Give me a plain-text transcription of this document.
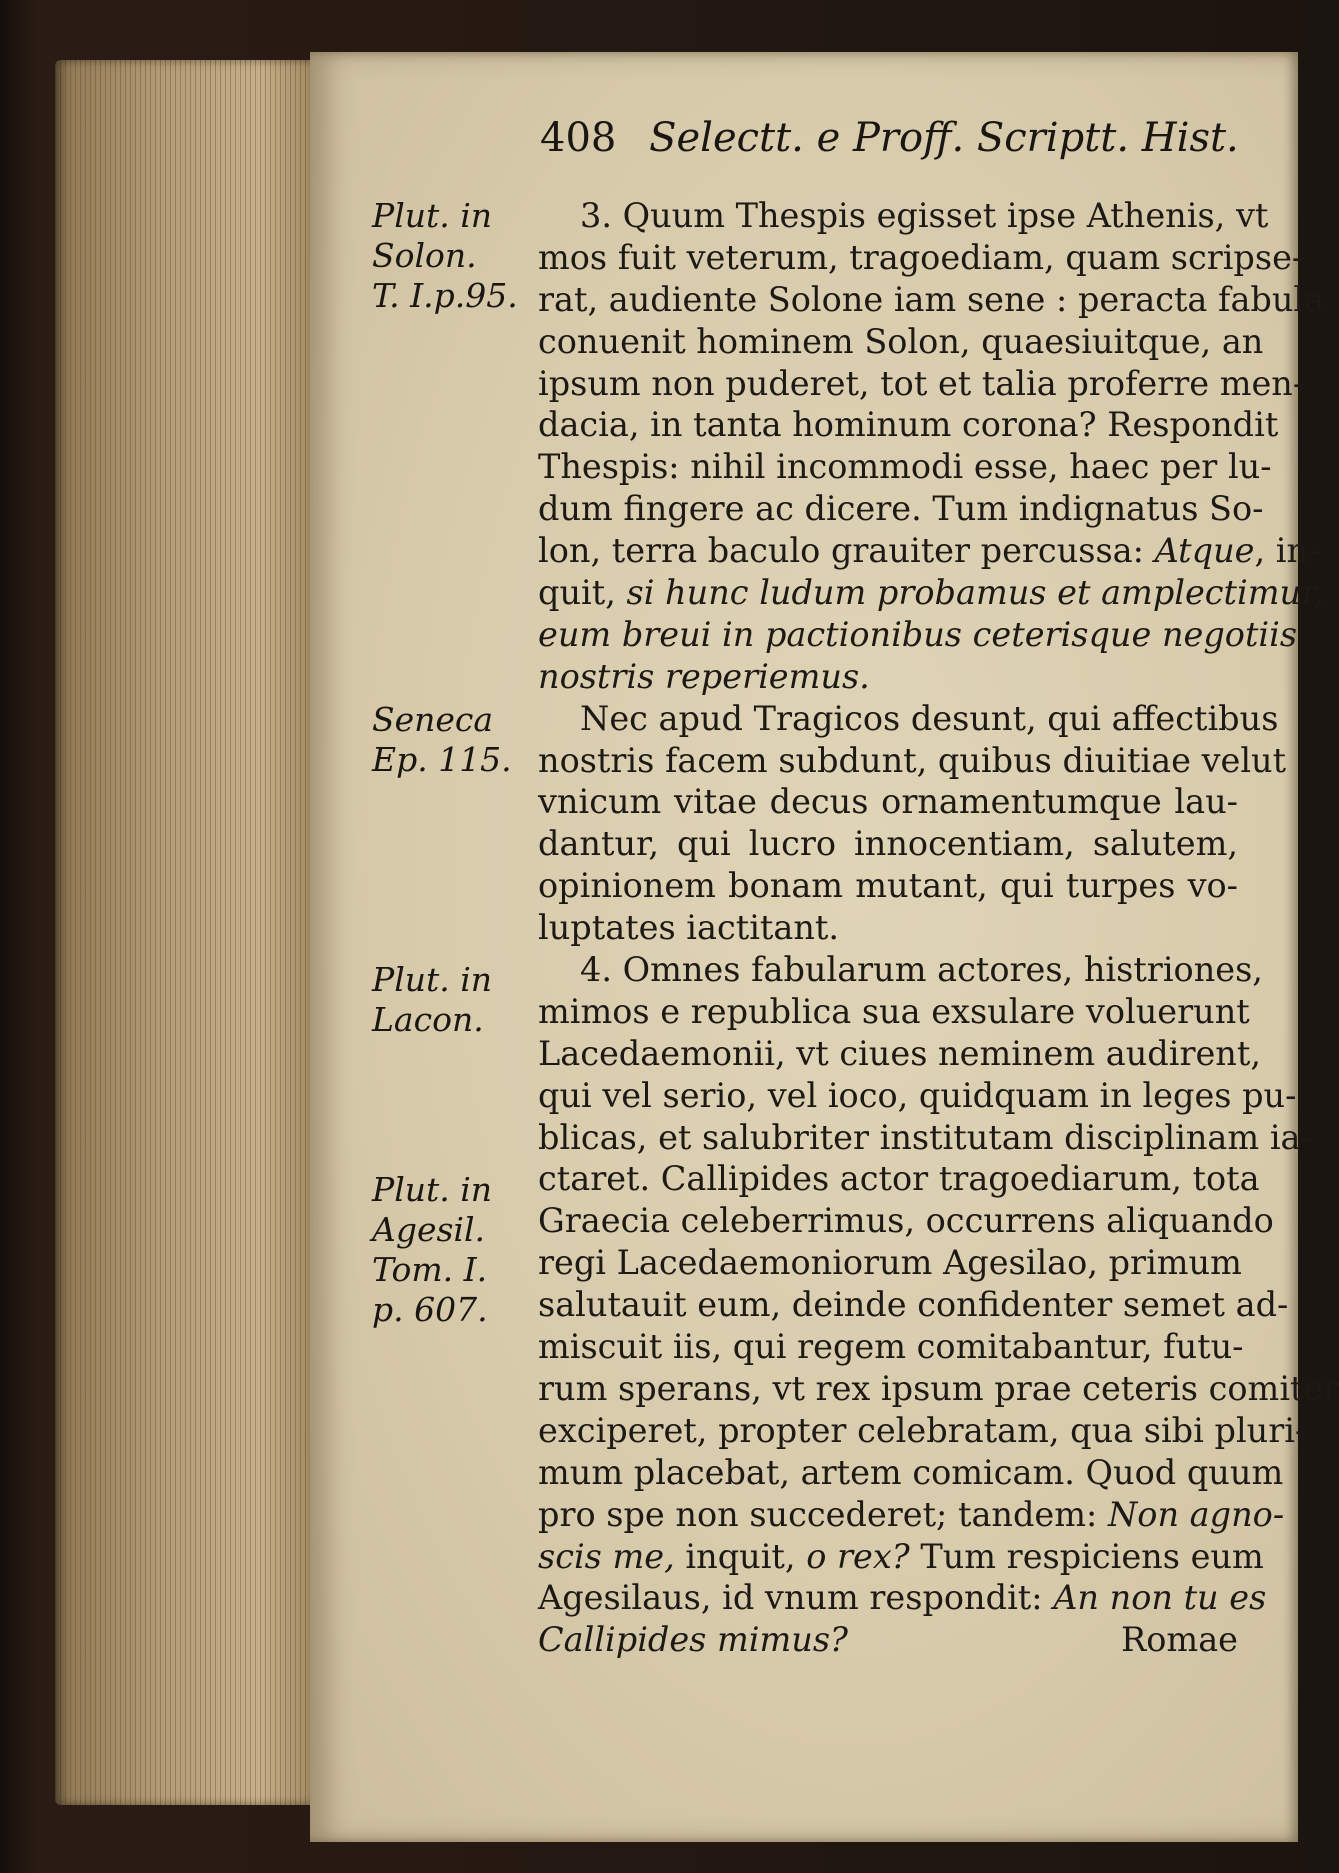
408 Selectt. e Proff. Scriptt. Hist.
Plut. in
Solon.
T. I.p.95.
Seneca
Ep. 115.
Plut. in
Lacon.
Plut. in
Agesil.
Tom. I.
p. 607.
3. Quum Thespis egisset ipse Athenis, vt
mos fuit veterum, tragoediam, quam scripse-
rat, audiente Solone iam sene : peracta fabula
conuenit hominem Solon, quaesiuitque, an
ipsum non puderet, tot et talia proferre men-
dacia, in tanta hominum corona? Respondit
Thespis: nihil incommodi esse, haec per lu-
dum fingere ac dicere. Tum indignatus So-
lon, terra baculo grauiter percussa: Atque, in-
quit, si hunc ludum probamus et amplectimur,
eum breui in pactionibus ceterisque negotiis
nostris reperiemus.
Nec apud Tragicos desunt, qui affectibus
nostris facem subdunt, quibus diuitiae velut
vnicum vitae decus ornamentumque lau-
dantur, qui lucro innocentiam, salutem,
opinionem bonam mutant, qui turpes vo-
luptates iactitant.
4. Omnes fabularum actores, histriones,
mimos e republica sua exsulare voluerunt
Lacedaemonii, vt ciues neminem audirent,
qui vel serio, vel ioco, quidquam in leges pu-
blicas, et salubriter institutam disciplinam ia-
ctaret. Callipides actor tragoediarum, tota
Graecia celeberrimus, occurrens aliquando
regi Lacedaemoniorum Agesilao, primum
salutauit eum, deinde confidenter semet ad-
miscuit iis, qui regem comitabantur, futu-
rum sperans, vt rex ipsum prae ceteris comiter
exciperet, propter celebratam, qua sibi pluri-
mum placebat, artem comicam. Quod quum
pro spe non succederet; tandem: Non agno-
scis me, inquit, o rex? Tum respiciens eum
Agesilaus, id vnum respondit: An non tu es
Callipides mimus?	Romae
